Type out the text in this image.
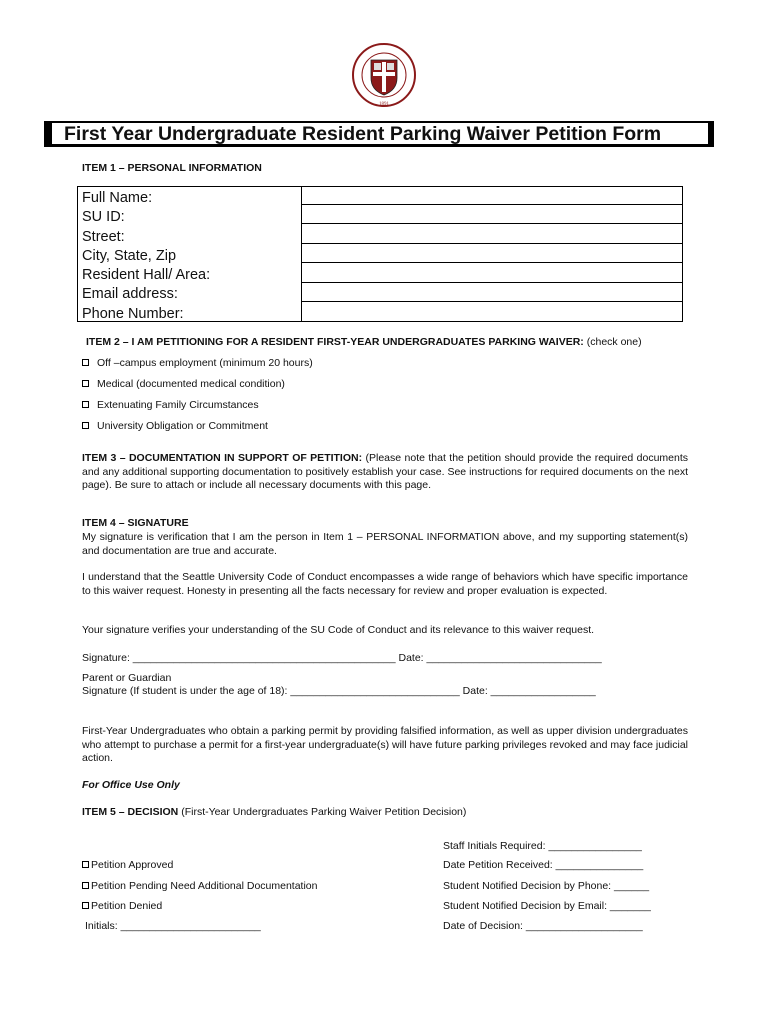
1891
First Year Undergraduate Resident Parking Waiver Petition Form
ITEM 1 – PERSONAL INFORMATION
Full Name:
SU ID:
Street:
City, State, Zip
Resident Hall/ Area:
Email address:
Phone Number:
ITEM 2 – I AM PETITIONING FOR A RESIDENT FIRST-YEAR UNDERGRADUATES PARKING WAIVER: (check one)
Off –campus employment (minimum 20 hours)
Medical (documented medical condition)
Extenuating Family Circumstances
University Obligation or Commitment
ITEM 3 – DOCUMENTATION IN SUPPORT OF PETITION: (Please note that the petition should provide the required documents and any additional supporting documentation to positively establish your case. See instructions for required documents on the next page). Be sure to attach or include all necessary documents with this page.
ITEM 4 – SIGNATURE
My signature is verification that I am the person in Item 1 – PERSONAL INFORMATION above, and my supporting statement(s) and documentation are true and accurate.
I understand that the Seattle University Code of Conduct encompasses a wide range of behaviors which have specific importance to this waiver request. Honesty in presenting all the facts necessary for review and proper evaluation is expected.
Your signature verifies your understanding of the SU Code of Conduct and its relevance to this waiver request.
Signature: _____________________________________________ Date: ______________________________
Parent or Guardian
Signature (If student is under the age of 18): _____________________________ Date: __________________
First-Year Undergraduates who obtain a parking permit by providing falsified information, as well as upper division undergraduates who attempt to purchase a permit for a first-year undergraduate(s) will have future parking privileges revoked and may face judicial action.
For Office Use Only
ITEM 5 – DECISION (First-Year Undergraduates Parking Waiver Petition Decision)
Staff Initials Required: ________________
Petition Approved
Petition Pending Need Additional Documentation
Petition Denied
Date Petition Received: _______________
Student Notified Decision by Phone: ______
Student Notified Decision by Email: _______
Initials: ________________________	Date of Decision: ____________________
